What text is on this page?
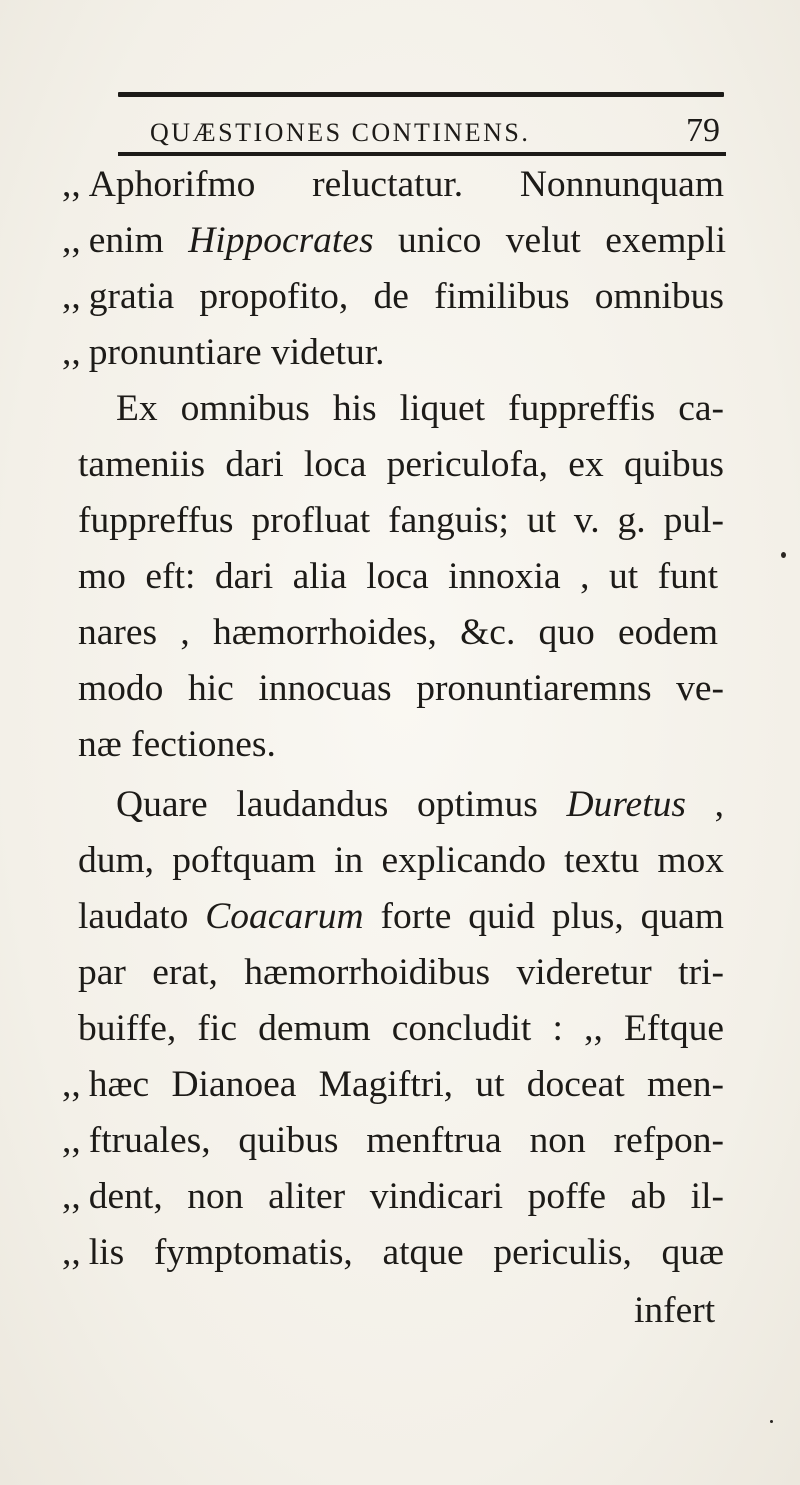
QUÆSTIONES CONTINENS.	79
,, Aphorifmo reluctatur. Nonnunquam
,, enim Hippocrates unico velut exempli
,, gratia propofito, de fimilibus omnibus
,, pronuntiare videtur.
Ex omnibus his liquet fuppreffis ca-
tameniis dari loca periculofa, ex quibus
fuppreffus profluat fanguis; ut v. g. pul-
mo eft: dari alia loca innoxia , ut funt
nares , hæmorrhoides, &c. quo eodem
modo hic innocuas pronuntiaremns ve-
næ fectiones.
Quare laudandus optimus Duretus ,
dum, poftquam in explicando textu mox
laudato Coacarum forte quid plus, quam
par erat, hæmorrhoidibus videretur tri-
buiffe, fic demum concludit : ,, Eftque
,, hæc Dianoea Magiftri, ut doceat men-
,, ftruales, quibus menftrua non refpon-
,, dent, non aliter vindicari poffe ab il-
,, lis fymptomatis, atque periculis, quæ
infert
